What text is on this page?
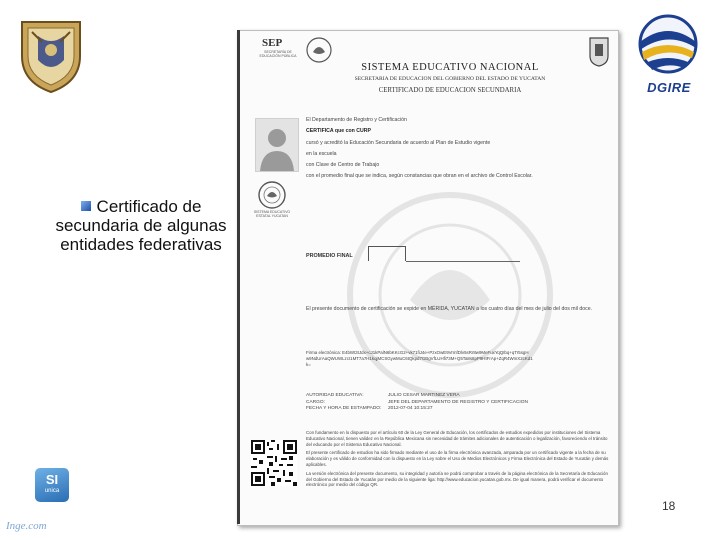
Certificado de secundaria de algunas entidades federativas
SI
unica
Inge.com
DGIRE
SEP
SECRETARÍA DE EDUCACIÓN PÚBLICA
SISTEMA EDUCATIVO NACIONAL
SECRETARIA DE EDUCACION DEL GOBIERNO DEL ESTADO DE YUCATAN
CERTIFICADO DE EDUCACION SECUNDARIA
El Departamento de Registro y Certificación
CERTIFICA que con CURP
cursó y acreditó la Educación Secundaria de acuerdo al Plan de Estudio vigente
en la escuela
con Clave de Centro de Trabajo
con el promedio final que se indica, según constancias que obran en el archivo de Control Escolar.
SISTEMA EDUCATIVO ESTATAL YUCATAN
PROMEDIO FINAL
El presente documento de certificación se expide en MÉRIDA, YUCATAN a los cuatro días del mes de julio del dos mil doce.
Firma electrónica: E4bWt3IJdx+cJ1kPalN6bKKcG2+vk71fiJ4e+PzxOwE9VrmfDlv5sRr8w9MeFuxYqQIbq+qTr5sgH
w9NdUrAaQWUWLzcI1MT7a7H1kqjMCSGywMuC6tQkpd7GBgVfLUHfi73M+Q5Ta8s8pP9HtFrAp+ZqR4WmX2cKd1
k=
AUTORIDAD EDUCATIVA:	JULIO CESAR MARTINEZ VERA
CARGO:	JEFE DEL DEPARTAMENTO DE REGISTRO Y CERTIFICACION
FECHA Y HORA DE ESTAMPADO: 2012-07-04 10:15:27
Con fundamento en lo dispuesto por el artículo 60 de la Ley General de Educación, los certificados de estudios expedidos por instituciones del Sistema Educativo Nacional, tienen validez en la República Mexicana sin necesidad de trámites adicionales de autenticación o legalización, favoreciendo el tránsito del educando por el Sistema Educativo Nacional.
El presente certificado de estudios ha sido firmado mediante el uso de la firma electrónica avanzada, amparada por un certificado vigente a la fecha de su elaboración y es válido de conformidad con lo dispuesto en la Ley sobre el Uso de Medios Electrónicos y Firma Electrónica del Estado de Yucatán y demás aplicables.
La versión electrónica del presente documento, su integridad y autoría se podrá comprobar a través de la página electrónica de la Secretaría de Educación del Gobierno del Estado de Yucatán por medio de la siguiente liga: http://www.educacion.yucatan.gob.mx. De igual manera, podrá verificar el documento electrónico por medio del código QR.
18
